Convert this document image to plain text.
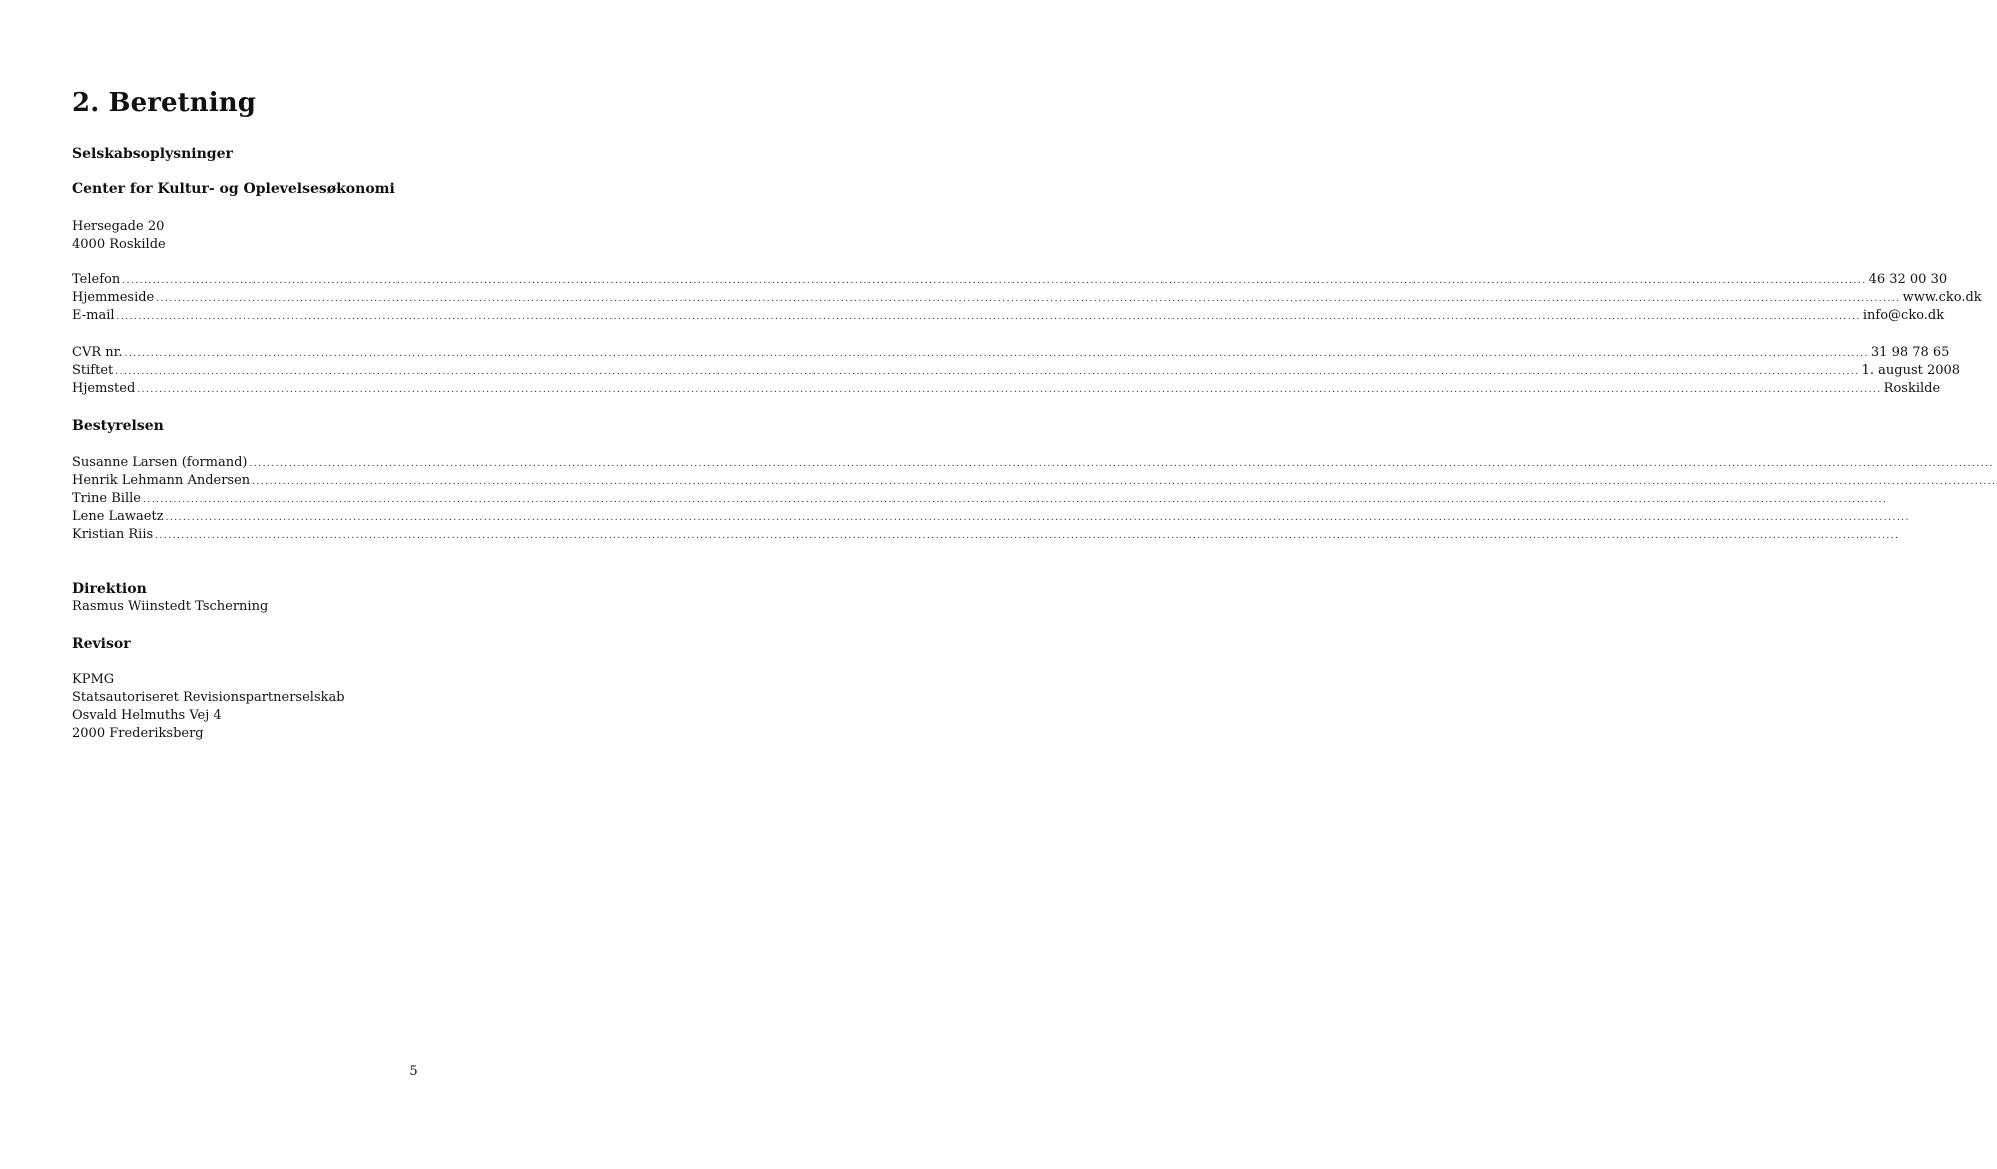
2. Beretning
Selskabsoplysninger
Center for Kultur- og Oplevelsesøkonomi
Hersegade 20
4000 Roskilde
Telefon ................................................................................................................................................................................................................................................................................................................................................................................................................ 46 32 00 30
Hjemmeside ................................................................................................................................................................................................................................................................................................................................................................................................................ www.cko.dk
E-mail ................................................................................................................................................................................................................................................................................................................................................................................................................ info@cko.dk
CVR nr. ................................................................................................................................................................................................................................................................................................................................................................................................................ 31 98 78 65
Stiftet ................................................................................................................................................................................................................................................................................................................................................................................................................ 1. august 2008
Hjemsted ................................................................................................................................................................................................................................................................................................................................................................................................................ Roskilde
Bestyrelsen
Susanne Larsen (formand) ................................................................................................................................................................................................................................................................................................................................................................................................................
Henrik Lehmann Andersen ................................................................................................................................................................................................................................................................................................................................................................................................................
Trine Bille ................................................................................................................................................................................................................................................................................................................................................................................................................
Lene Lawaetz ................................................................................................................................................................................................................................................................................................................................................................................................................
Kristian Riis ................................................................................................................................................................................................................................................................................................................................................................................................................
Direktion
Rasmus Wiinstedt Tscherning
Revisor
KPMG
Statsautoriseret Revisionspartnerselskab
Osvald Helmuths Vej 4
2000 Frederiksberg
5
